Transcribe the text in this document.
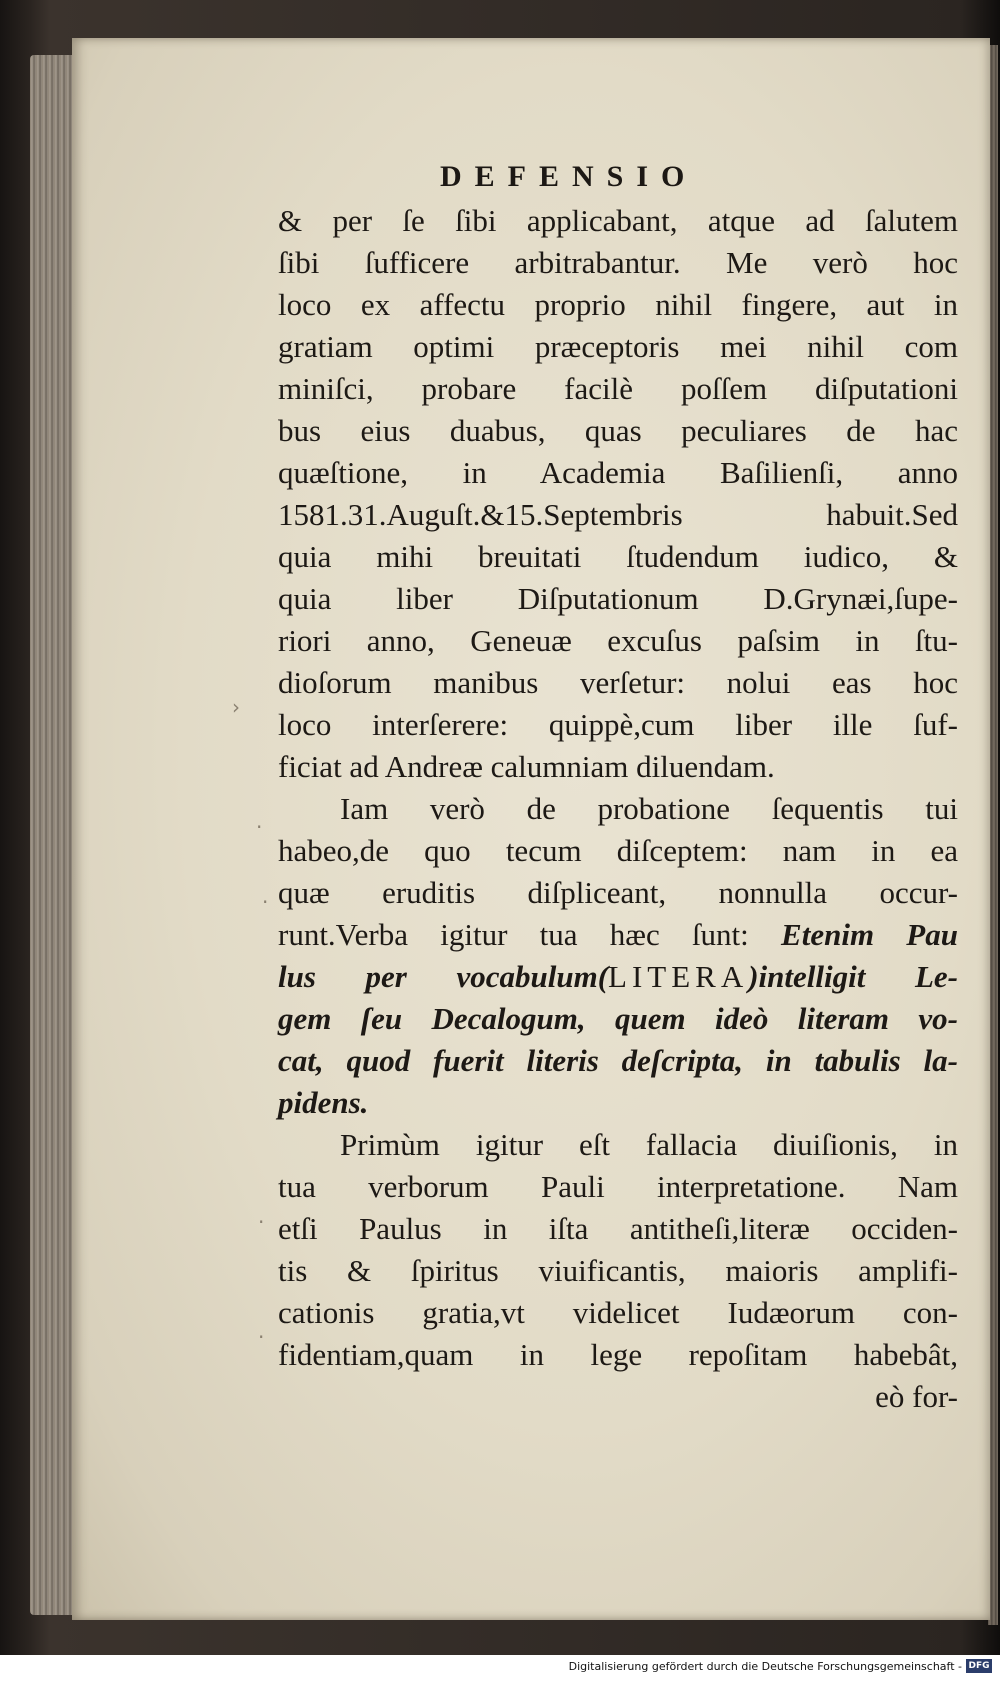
DEFENSIO
›
·
·
·
·
& per ſe ſibi applicabant, atque ad ſalutem
ſibi ſufficere arbitrabantur. Me verò hoc
loco ex affectu proprio nihil fingere, aut in
gratiam optimi præceptoris mei nihil com
miniſci, probare facilè poſſem diſputationi
bus eius duabus, quas peculiares de hac
quæſtione, in Academia Baſilienſi, anno
1581.31.Auguſt.&15.Septembris habuit.Sed
quia mihi breuitati ſtudendum iudico, &
quia liber Diſputationum D.Grynæi,ſupe-
riori anno, Geneuæ excuſus paſsim in ſtu-
dioſorum manibus verſetur: nolui eas hoc
loco interſerere: quippè,cum liber ille ſuf-
ficiat ad Andreæ calumniam diluendam.
Iam verò de probatione ſequentis tui
habeo,de quo tecum diſceptem: nam in ea
quæ eruditis diſpliceant, nonnulla occur-
runt.Verba igitur tua hæc ſunt: Etenim Pau
lus per vocabulum(LITERA)intelligit Le-
gem ſeu Decalogum, quem ideò literam vo-
cat, quod fuerit literis deſcripta, in tabulis la-
pidens.
Primùm igitur eſt fallacia diuiſionis, in
tua verborum Pauli interpretatione. Nam
etſi Paulus in iſta antitheſi,literæ occiden-
tis & ſpiritus viuificantis, maioris amplifi-
cationis gratia,vt videlicet Iudæorum con-
fidentiam,quam in lege repoſitam habebât,
eò for-
Digitalisierung gefördert durch die Deutsche Forschungsgemeinschaft - DFG
